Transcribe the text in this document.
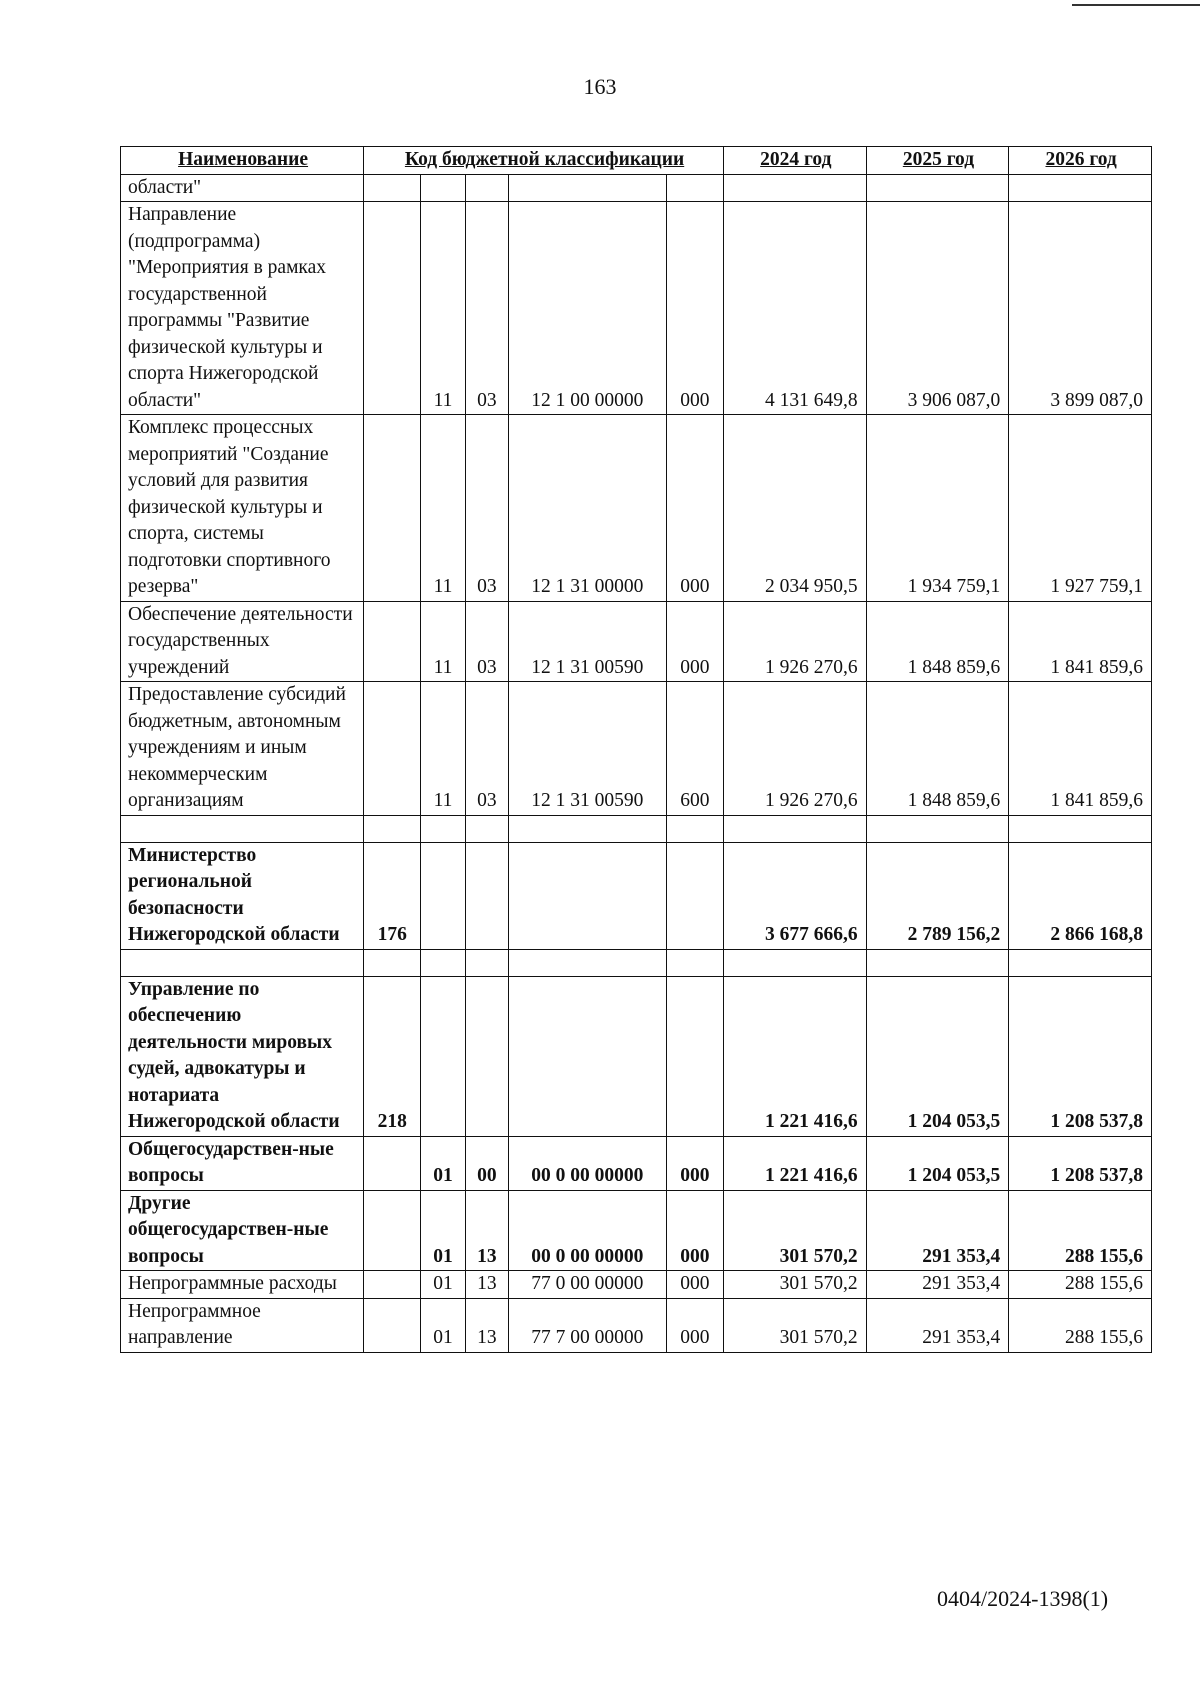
163
Наименование	Код бюджетной классификации					2024 год	2025 год	2026 год
области"								
Направление (подпрограмма) "Мероприятия в рамках государственной программы "Развитие физической культуры и спорта Нижегородской области"		11	03	12 1 00 00000	000	4 131 649,8	3 906 087,0	3 899 087,0
Комплекс процессных мероприятий "Создание условий для развития физической культуры и спорта, системы подготовки спортивного резерва"		11	03	12 1 31 00000	000	2 034 950,5	1 934 759,1	1 927 759,1
Обеспечение деятельности государственных учреждений		11	03	12 1 31 00590	000	1 926 270,6	1 848 859,6	1 841 859,6
Предоставление субсидий бюджетным, автономным учреждениям и иным некоммерческим организациям		11	03	12 1 31 00590	600	1 926 270,6	1 848 859,6	1 841 859,6

Министерство региональной безопасности Нижегородской области	176					3 677 666,6	2 789 156,2	2 866 168,8

Управление по обеспечению деятельности мировых судей, адвокатуры и нотариата Нижегородской области	218					1 221 416,6	1 204 053,5	1 208 537,8
Общегосударствен-ные вопросы		01	00	00 0 00 00000	000	1 221 416,6	1 204 053,5	1 208 537,8
Другие общегосударствен-ные вопросы		01	13	00 0 00 00000	000	301 570,2	291 353,4	288 155,6
Непрограммные расходы		01	13	77 0 00 00000	000	301 570,2	291 353,4	288 155,6
Непрограммное направление		01	13	77 7 00 00000	000	301 570,2	291 353,4	288 155,6
0404/2024-1398(1)
